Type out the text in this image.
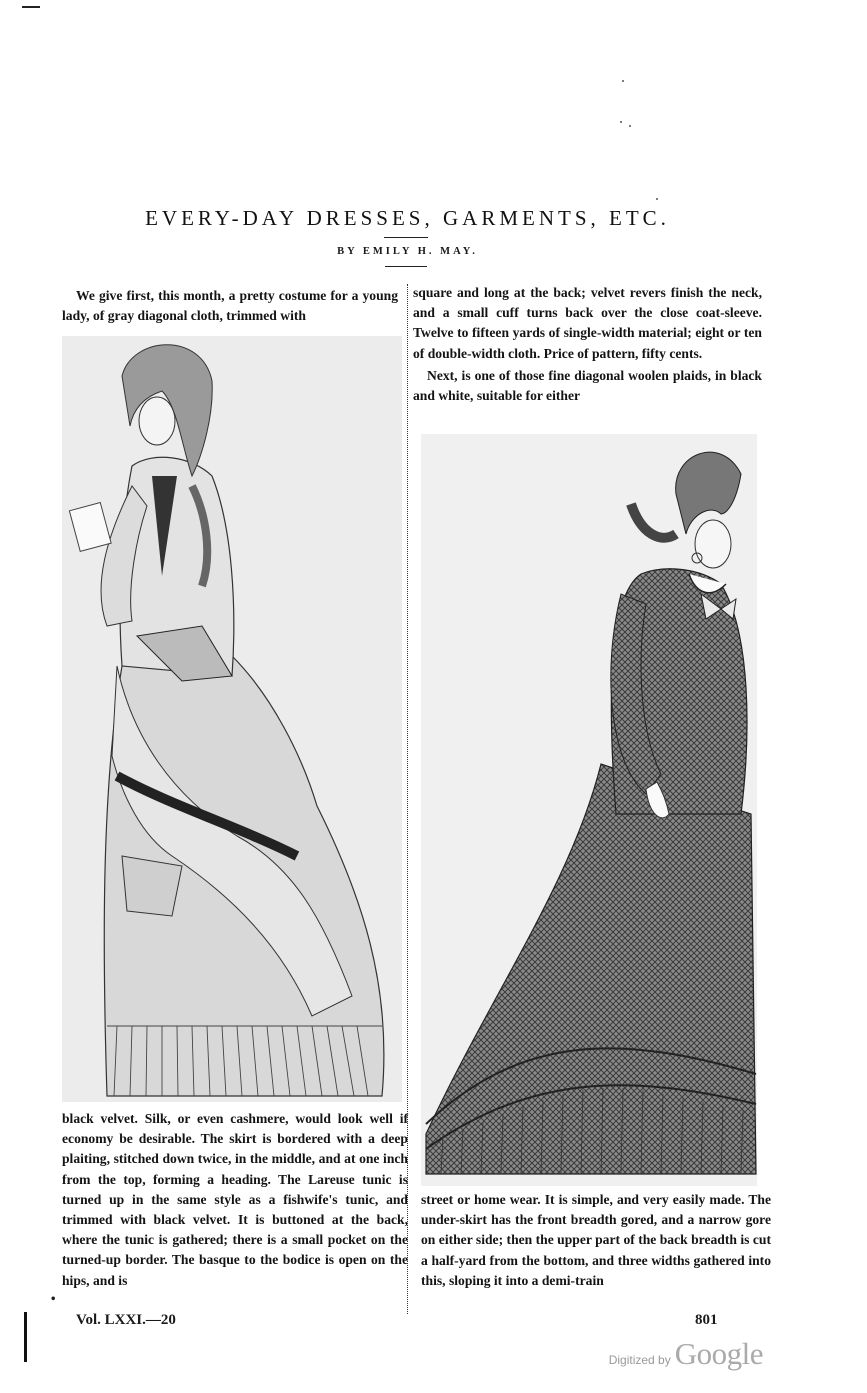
EVERY-DAY DRESSES, GARMENTS, ETC.
BY EMILY H. MAY.

We give first, this month, a pretty costume for a young lady, of gray diagonal cloth, trimmed with

black velvet. Silk, or even cashmere, would look well if economy be desirable. The skirt is bordered with a deep plaiting, stitched down twice, in the middle, and at one inch from the top, forming a heading. The Lareuse tunic is turned up in the same style as a fishwife's tunic, and trimmed with black velvet. It is buttoned at the back, where the tunic is gathered; there is a small pocket on the turned-up border. The basque to the bodice is open on the hips, and is

•

square and long at the back; velvet revers finish the neck, and a small cuff turns back over the close coat-sleeve. Twelve to fifteen yards of single-width material; eight or ten of double-width cloth. Price of pattern, fifty cents.

Next, is one of those fine diagonal woolen plaids, in black and white, suitable for either

street or home wear. It is simple, and very easily made. The under-skirt has the front breadth gored, and a narrow gore on either side; then the upper part of the back breadth is cut a half-yard from the bottom, and three widths gathered into this, sloping it into a demi-train

Vol. LXXI.—20	801
Digitized by Google
